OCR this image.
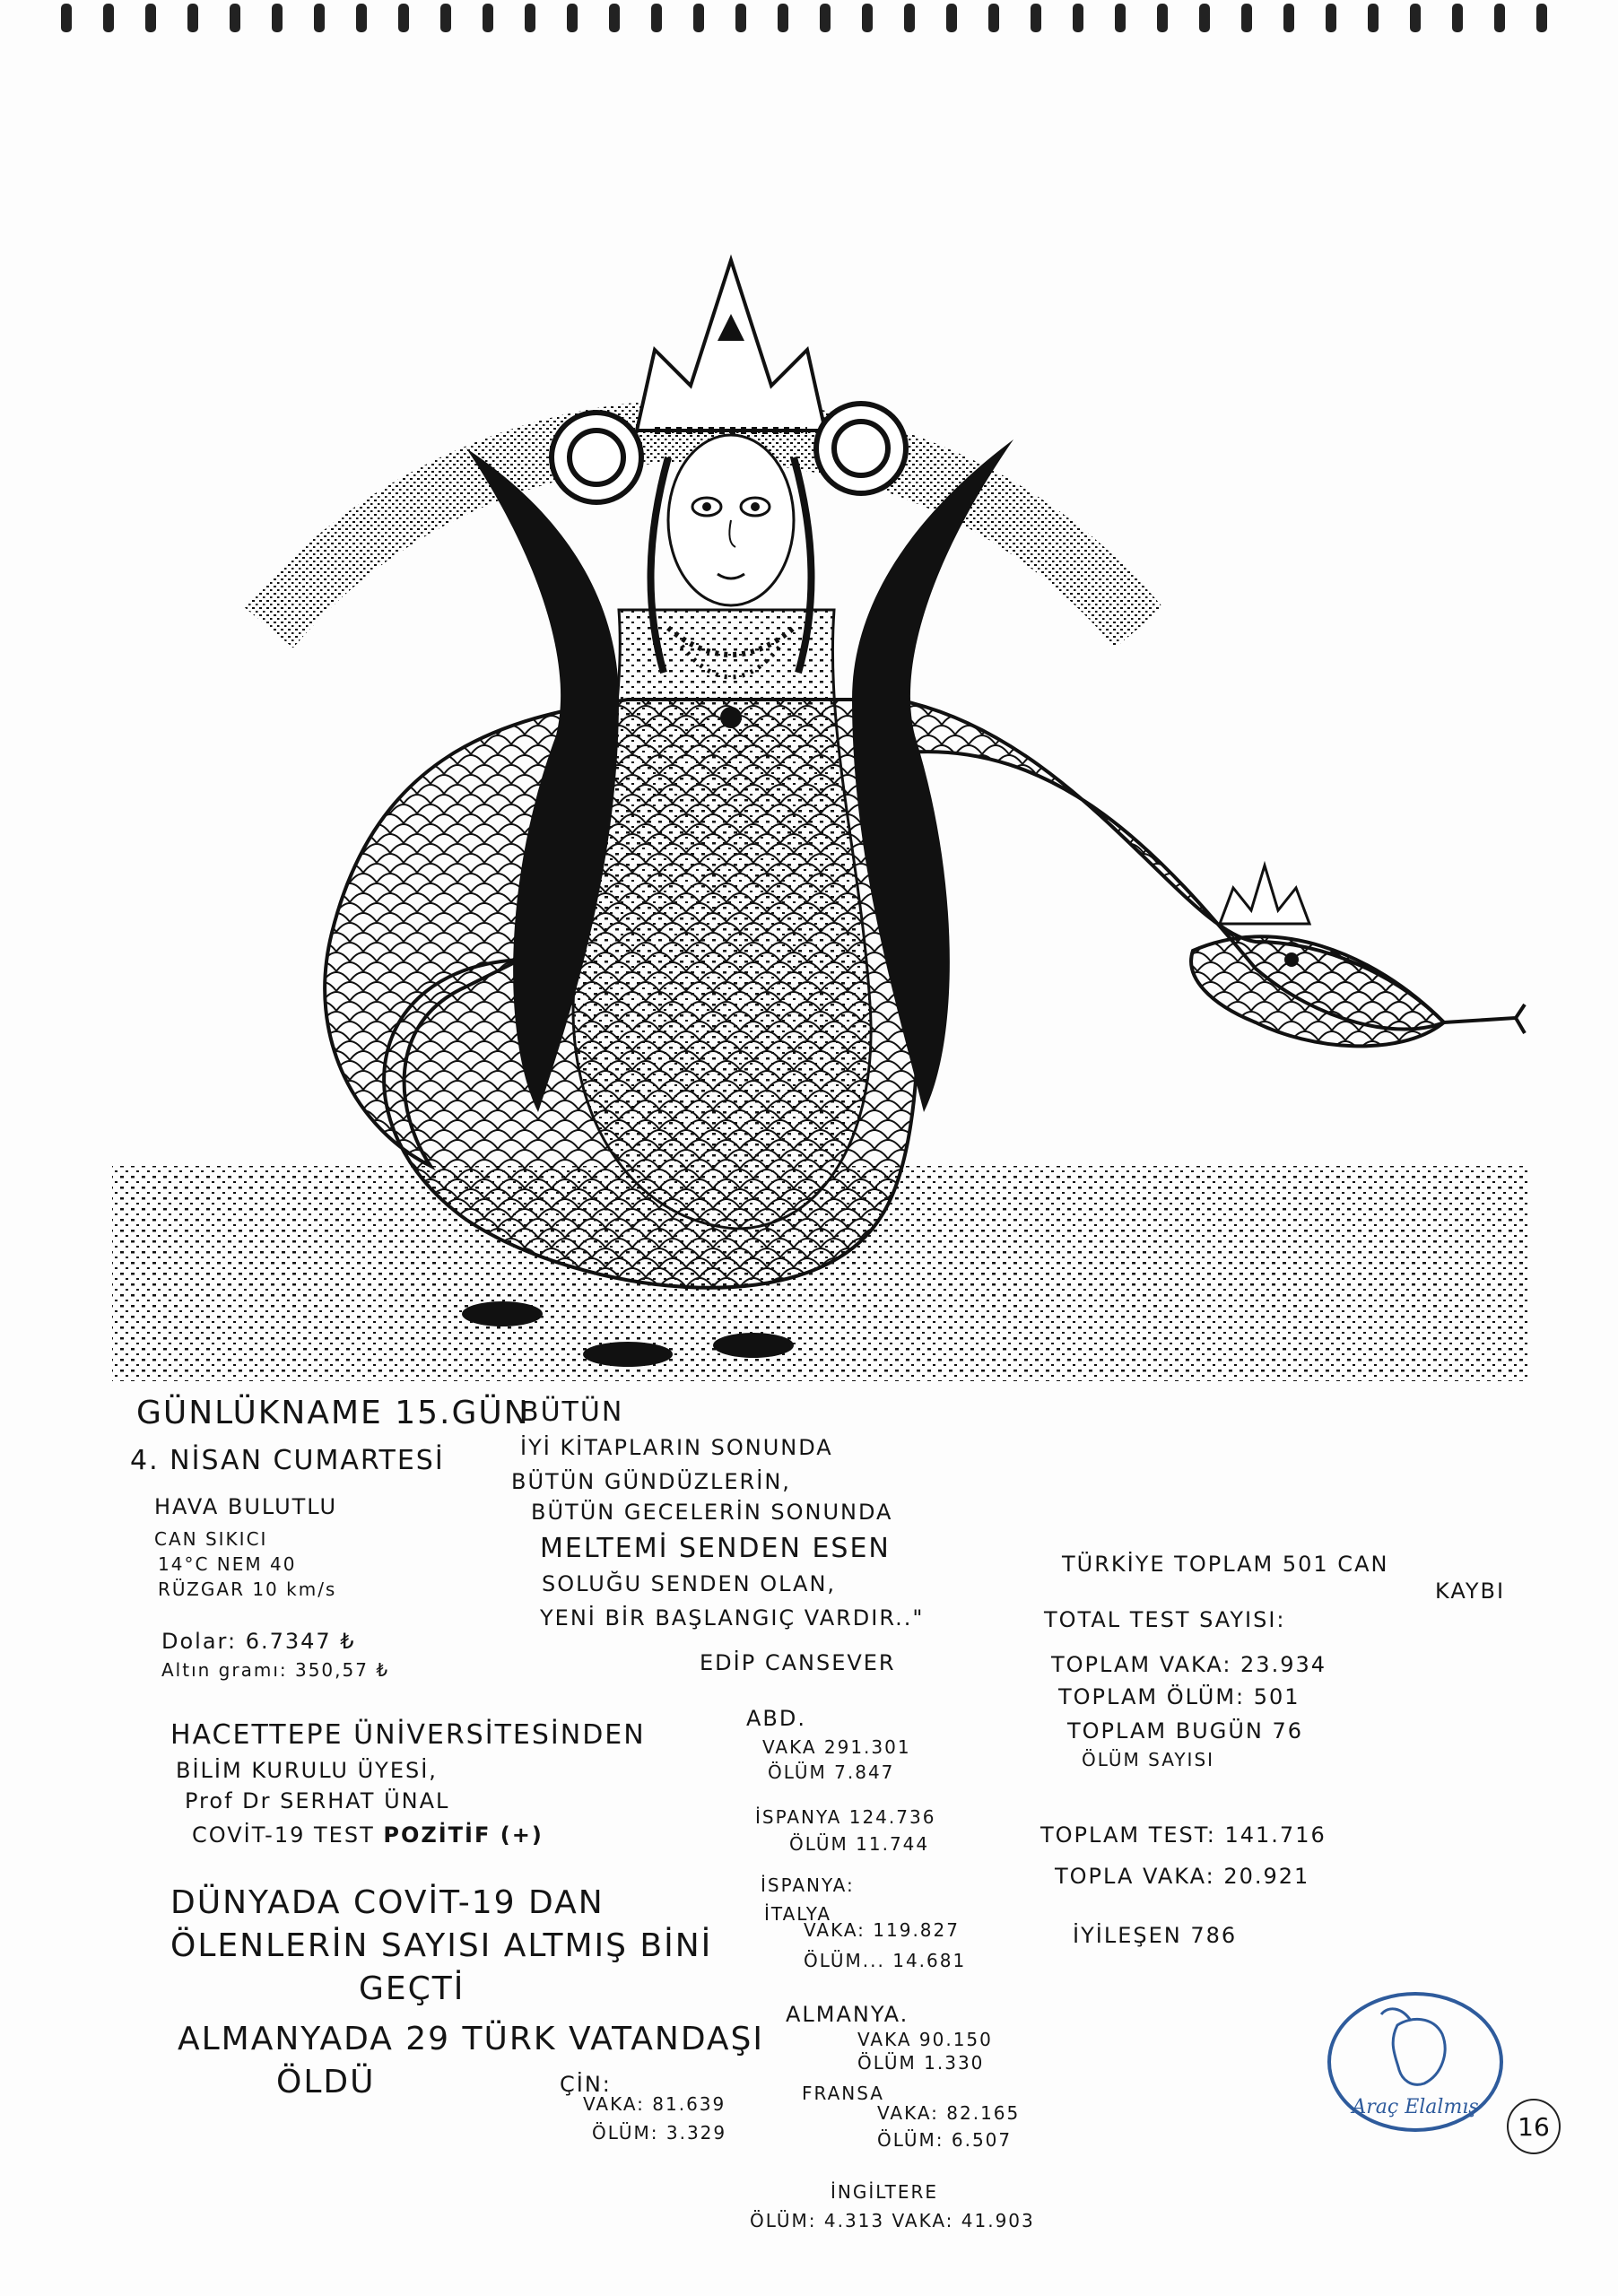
GÜNLÜKNAME 15.GÜN
4. NİSAN CUMARTESİ
HAVA BULUTLU
CAN SIKICI
14°C NEM 40
RÜZGAR 10 km/s
Dolar: 6.7347 ₺
Altın gramı: 350,57 ₺
HACETTEPE ÜNİVERSİTESİNDEN
BİLİM KURULU ÜYESİ,
Prof Dr SERHAT ÜNAL
COVİT-19 TEST POZİTİF (+)
DÜNYADA COVİT-19 DAN
ÖLENLERİN SAYISI ALTMIŞ BİNİ
GEÇTİ
ALMANYADA 29 TÜRK VATANDAŞI
ÖLDÜ
BÜTÜN
İYİ KİTAPLARIN SONUNDA
BÜTÜN GÜNDÜZLERİN,
BÜTÜN GECELERİN SONUNDA
MELTEMİ SENDEN ESEN
SOLUĞU SENDEN OLAN,
YENİ BİR BAŞLANGIÇ VARDIR.."
EDİP CANSEVER
ABD.
VAKA 291.301
ÖLÜM 7.847
İSPANYA 124.736
ÖLÜM 11.744
İSPANYA:
İTALYA
VAKA: 119.827
ÖLÜM... 14.681
ALMANYA.
VAKA 90.150
ÖLÜM 1.330
ÇİN:
VAKA: 81.639
ÖLÜM: 3.329
FRANSA
VAKA: 82.165
ÖLÜM: 6.507
İNGİLTERE
ÖLÜM: 4.313 VAKA: 41.903
TÜRKİYE TOPLAM 501 CAN
KAYBI
TOTAL TEST SAYISI:
TOPLAM VAKA: 23.934
TOPLAM ÖLÜM: 501
TOPLAM BUGÜN 76
ÖLÜM SAYISI
TOPLAM TEST: 141.716
TOPLA VAKA: 20.921
İYİLEŞEN 786
Araç Elalmış
16
